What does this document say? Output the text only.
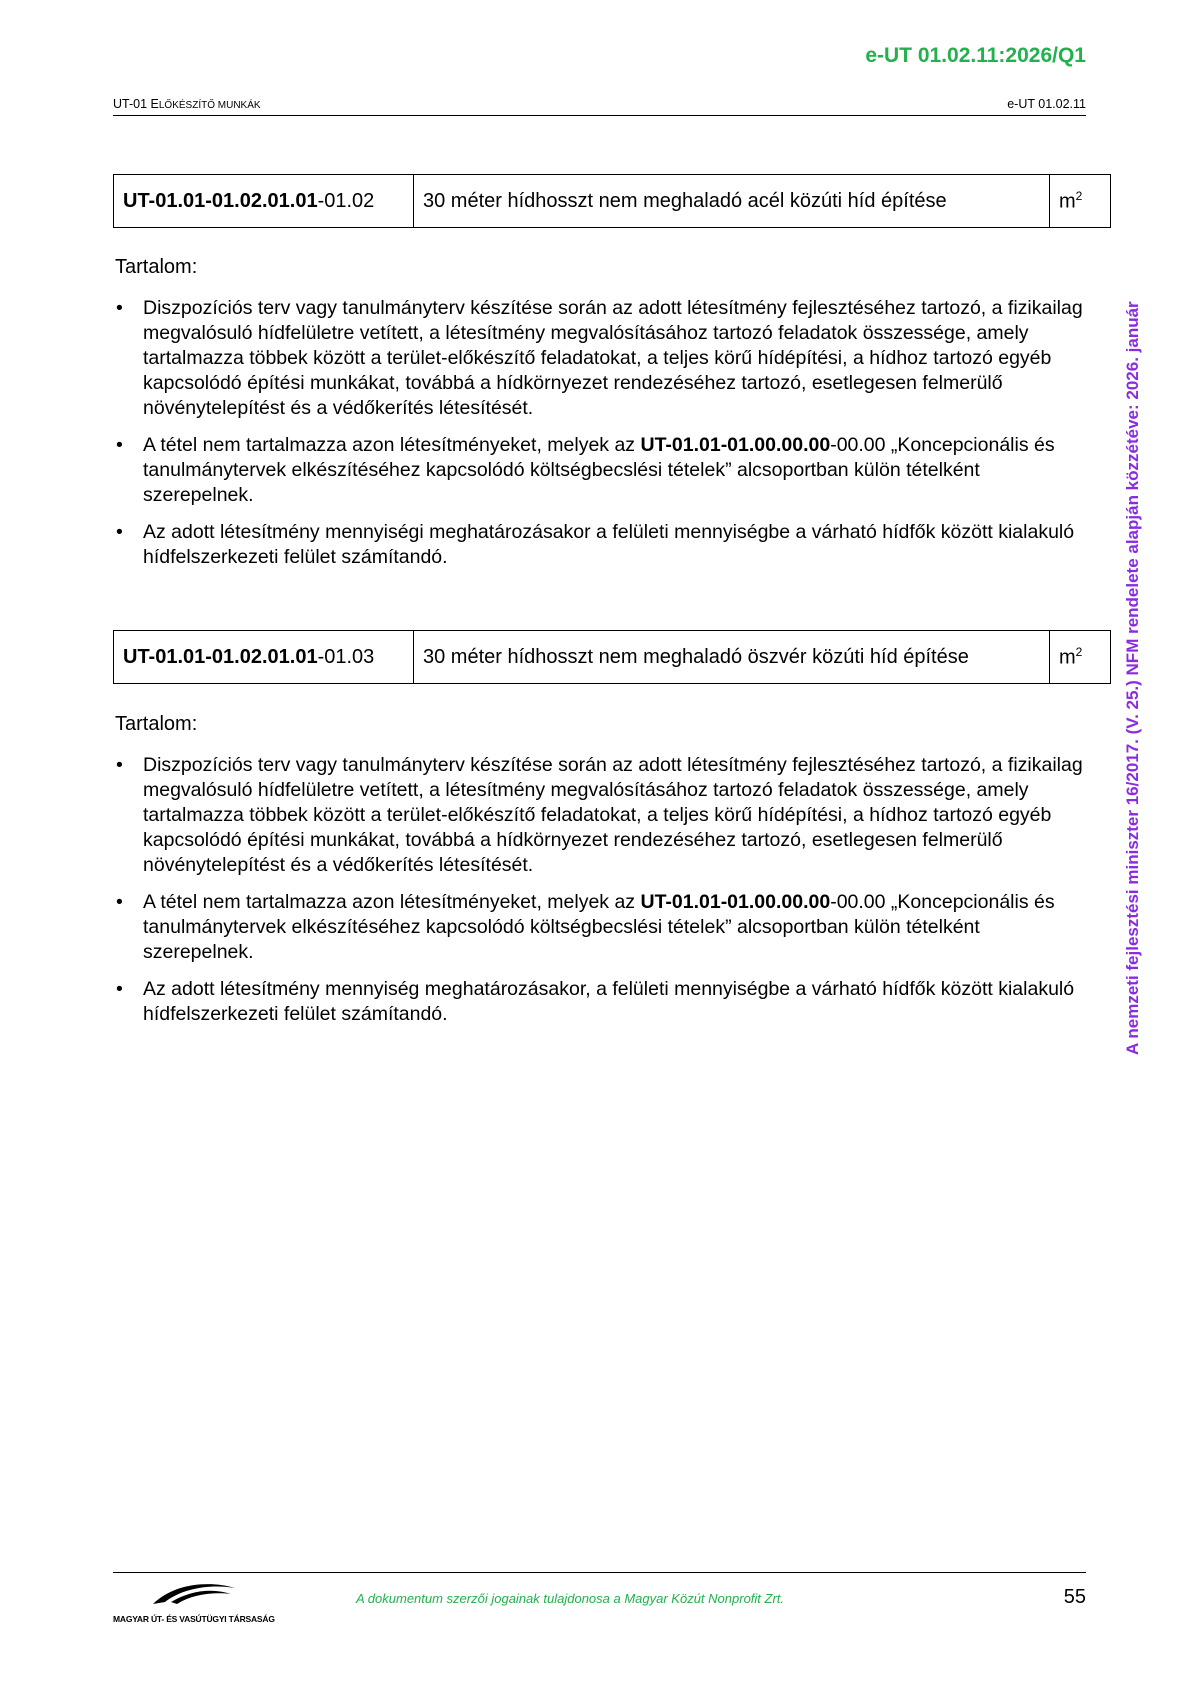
e-UT 01.02.11:2026/Q1
UT-01 ELŐKÉSZÍTŐ MUNKÁK	e-UT 01.02.11
A nemzeti fejlesztési miniszter 16/2017. (V. 25.) NFM rendelete alapján közzétéve: 2026. január
UT-01.01-01.02.01.01-01.02	30 méter hídhosszt nem meghaladó acél közúti híd építése	$m^2$
Tartalom:
• Diszpozíciós terv vagy tanulmányterv készítése során az adott létesítmény fejlesztéséhez tartozó, a fizikailag megvalósuló hídfelületre vetített, a létesítmény megvalósításához tartozó feladatok összessége, amely tartalmazza többek között a terület-előkészítő feladatokat, a teljes körű hídépítési, a hídhoz tartozó egyéb kapcsolódó építési munkákat, továbbá a hídkörnyezet rendezéséhez tartozó, esetlegesen felmerülő növénytelepítést és a védőkerítés létesítését.
• A tétel nem tartalmazza azon létesítményeket, melyek az UT-01.01-01.00.00.00-00.00 „Koncepcionális és tanulmánytervek elkészítéséhez kapcsolódó költségbecslési tételek” alcsoportban külön tételként szerepelnek.
• Az adott létesítmény mennyiségi meghatározásakor a felületi mennyiségbe a várható hídfők között kialakuló hídfelszerkezeti felület számítandó.
UT-01.01-01.02.01.01-01.03	30 méter hídhosszt nem meghaladó öszvér közúti híd építése	$m^2$
Tartalom:
• Diszpozíciós terv vagy tanulmányterv készítése során az adott létesítmény fejlesztéséhez tartozó, a fizikailag megvalósuló hídfelületre vetített, a létesítmény megvalósításához tartozó feladatok összessége, amely tartalmazza többek között a terület-előkészítő feladatokat, a teljes körű hídépítési, a hídhoz tartozó egyéb kapcsolódó építési munkákat, továbbá a hídkörnyezet rendezéséhez tartozó, esetlegesen felmerülő növénytelepítést és a védőkerítés létesítését.
• A tétel nem tartalmazza azon létesítményeket, melyek az UT-01.01-01.00.00.00-00.00 „Koncepcionális és tanulmánytervek elkészítéséhez kapcsolódó költségbecslési tételek” alcsoportban külön tételként szerepelnek.
• Az adott létesítmény mennyiség meghatározásakor, a felületi mennyiségbe a várható hídfők között kialakuló hídfelszerkezeti felület számítandó.
MAGYAR ÚT- ÉS VASÚTÜGYI TÁRSASÁG
A dokumentum szerzői jogainak tulajdonosa a Magyar Közút Nonprofit Zrt.	55
